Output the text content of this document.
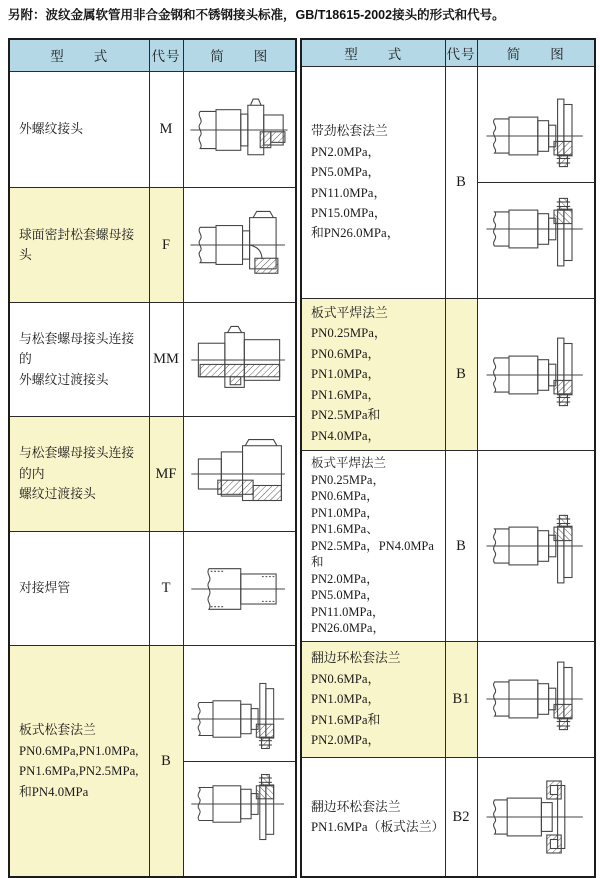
另附：波纹金属软管用非合金钢和不锈钢接头标准，GB/T18615-2002接头的形式和代号。
型　　式	代号	简　　图
外螺纹接头	M	

球面密封松套螺母接头	F	

与松套螺母接头连接的
外螺纹过渡接头	MM	

与松套螺母接头连接的内
螺纹过渡接头	MF	

对接焊管	T	

板式松套法兰
PN0.6MPa,PN1.0MPa,
PN1.6MPa,PN2.5MPa,
和PN4.0MPa	B	
型　　式	代号	简　　图
带劲松套法兰
PN2.0MPa，PN5.0MPa，
PN11.0MPa，PN15.0MPa，
和PN26.0MPa，	B	

板式平焊法兰
PN0.25MPa，PN0.6MPa，
PN1.0MPa，PN1.6MPa，
PN2.5MPa和PN4.0MPa，	B	

板式平焊法兰
PN0.25MPa，PN0.6MPa，
PN1.0MPa，PN1.6MPa、
PN2.5MPa，PN4.0MPa和
PN2.0MPa，PN5.0MPa，
PN11.0MPa，PN26.0MPa，	B	

翻边环松套法兰
PN0.6MPa，PN1.0MPa，
PN1.6MPa和PN2.0MPa，	B1	

翻边环松套法兰
PN1.6MPa（板式法兰）	B2	
